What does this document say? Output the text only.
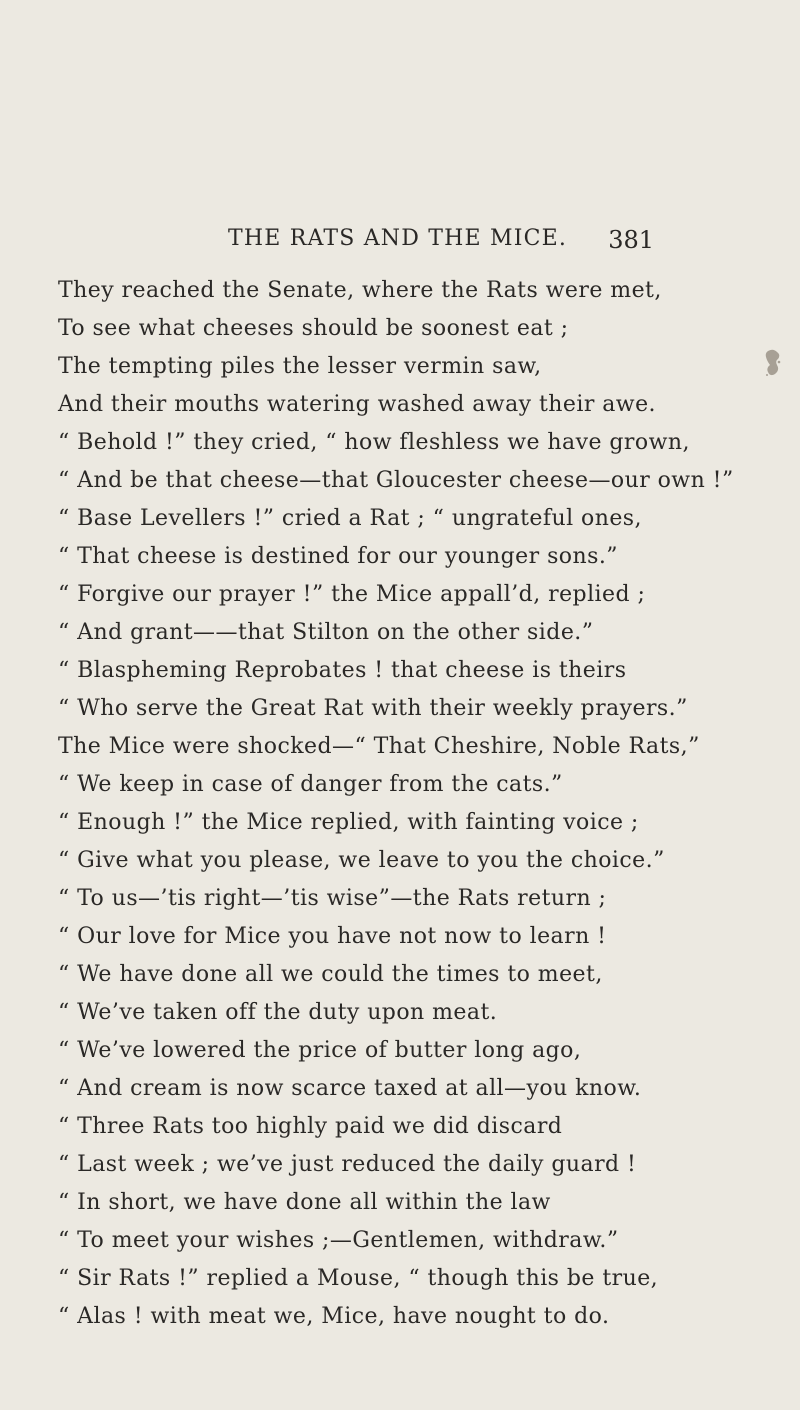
THE RATS AND THE MICE. 381
They reached the Senate, where the Rats were met,
To see what cheeses should be soonest eat ;
The tempting piles the lesser vermin saw,
And their mouths watering washed away their awe.
“ Behold !” they cried, “ how fleshless we have grown,
“ And be that cheese—that Gloucester cheese—our own !”
“ Base Levellers !” cried a Rat ; “ ungrateful ones,
“ That cheese is destined for our younger sons.”
“ Forgive our prayer !” the Mice appall’d, replied ;
“ And grant——that Stilton on the other side.”
“ Blaspheming Reprobates ! that cheese is theirs
“ Who serve the Great Rat with their weekly prayers.”
The Mice were shocked—“ That Cheshire, Noble Rats,”
“ We keep in case of danger from the cats.”
“ Enough !” the Mice replied, with fainting voice ;
“ Give what you please, we leave to you the choice.”
“ To us—’tis right—’tis wise”—the Rats return ;
“ Our love for Mice you have not now to learn !
“ We have done all we could the times to meet,
“ We’ve taken off the duty upon meat.
“ We’ve lowered the price of butter long ago,
“ And cream is now scarce taxed at all—you know.
“ Three Rats too highly paid we did discard
“ Last week ; we’ve just reduced the daily guard !
“ In short, we have done all within the law
“ To meet your wishes ;—Gentlemen, withdraw.”
“ Sir Rats !” replied a Mouse, “ though this be true,
“ Alas ! with meat we, Mice, have nought to do.
